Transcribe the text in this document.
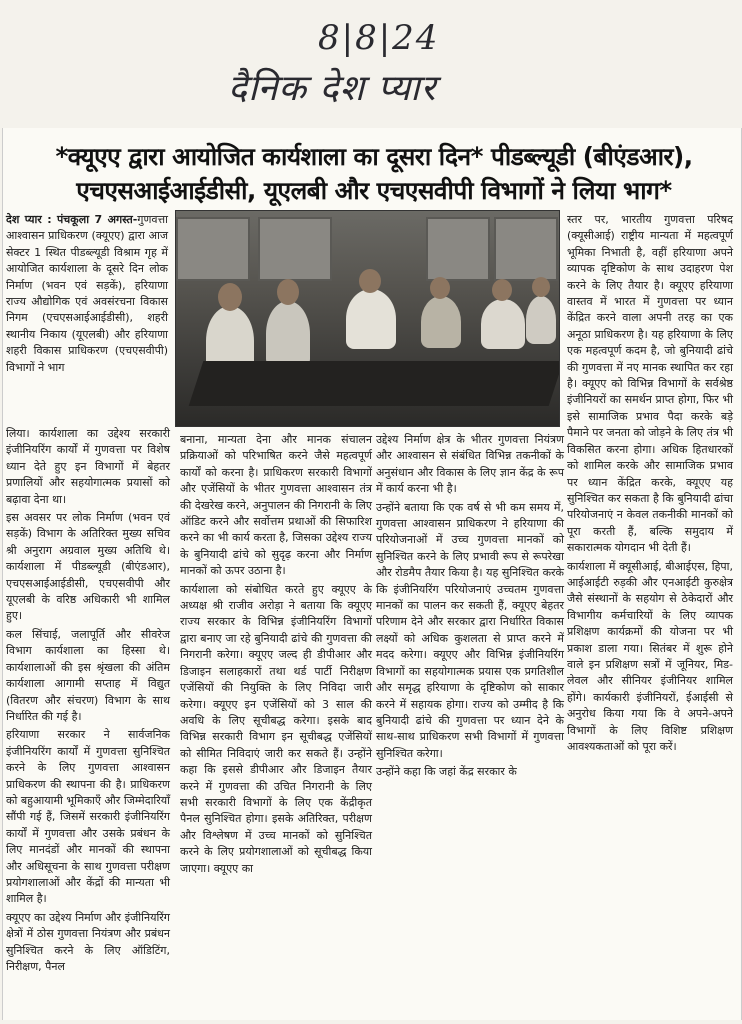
8|8|24
दैनिक देश प्यार
*क्यूएए द्वारा आयोजित कार्यशाला का दूसरा दिन* पीडब्ल्यूडी (बीएंडआर), एचएसआईआईडीसी, यूएलबी और एचएसवीपी विभागों ने लिया भाग*

देश प्यार : पंचकूला 7 अगस्त-गुणवत्ता आश्वासन प्राधिकरण (क्यूएए) द्वारा आज सेक्टर 1 स्थित पीडब्ल्यूडी विश्राम गृह में आयोजित कार्यशाला के दूसरे दिन लोक निर्माण (भवन एवं सड़कें), हरियाणा राज्य औद्योगिक एवं अवसंरचना विकास निगम (एचएसआईआईडीसी), शहरी स्थानीय निकाय (यूएलबी) और हरियाणा शहरी विकास प्राधिकरण (एचएसवीपी) विभागों ने भाग

लिया। कार्यशाला का उद्देश्य सरकारी इंजीनियरिंग कार्यों में गुणवत्ता पर विशेष ध्यान देते हुए इन विभागों में बेहतर प्रणालियों और सहयोगात्मक प्रयासों को बढ़ावा देना था।

इस अवसर पर लोक निर्माण (भवन एवं सड़कें) विभाग के अतिरिक्त मुख्य सचिव श्री अनुराग अग्रवाल मुख्य अतिथि थे। कार्यशाला में पीडब्ल्यूडी (बीएंडआर), एचएसआईआईडीसी, एचएसवीपी और यूएलबी के वरिष्ठ अधिकारी भी शामिल हुए।

कल सिंचाई, जलापूर्ति और सीवरेज विभाग कार्यशाला का हिस्सा थे। कार्यशालाओं की इस श्रृंखला की अंतिम कार्यशाला आगामी सप्ताह में विद्युत (वितरण और संचरण) विभाग के साथ निर्धारित की गई है।

हरियाणा सरकार ने सार्वजनिक इंजीनियरिंग कार्यों में गुणवत्ता सुनिश्चित करने के लिए गुणवत्ता आश्वासन प्राधिकरण की स्थापना की है। प्राधिकरण को बहुआयामी भूमिकाएँ और जिम्मेदारियाँ सौंपी गई हैं, जिसमें सरकारी इंजीनियरिंग कार्यों में गुणवत्ता और उसके प्रबंधन के लिए मानदंडों और मानकों की स्थापना और अधिसूचना के साथ गुणवत्ता परीक्षण प्रयोगशालाओं और केंद्रों की मान्यता भी शामिल है।

क्यूएए का उद्देश्य निर्माण और इंजीनियरिंग क्षेत्रों में ठोस गुणवत्ता नियंत्रण और प्रबंधन सुनिश्चित करने के लिए ऑडिटिंग, निरीक्षण, पैनल

बनाना, मान्यता देना और मानक संचालन प्रक्रियाओं को परिभाषित करने जैसे महत्वपूर्ण कार्यों को करना है। प्राधिकरण सरकारी विभागों और एजेंसियों के भीतर गुणवत्ता आश्वासन तंत्र की देखरेख करने, अनुपालन की निगरानी के लिए ऑडिट करने और सर्वोत्तम प्रथाओं की सिफारिश करने का भी कार्य करता है, जिसका उद्देश्य राज्य के बुनियादी ढांचे को सुदृढ़ करना और निर्माण मानकों को ऊपर उठाना है।

कार्यशाला को संबोधित करते हुए क्यूएए के अध्यक्ष श्री राजीव अरोड़ा ने बताया कि क्यूएए राज्य सरकार के विभिन्न इंजीनियरिंग विभागों द्वारा बनाए जा रहे बुनियादी ढांचे की गुणवत्ता की निगरानी करेगा। क्यूएए जल्द ही डीपीआर और डिजाइन सलाहकारों तथा थर्ड पार्टी निरीक्षण एजेंसियों की नियुक्ति के लिए निविदा जारी करेगा। क्यूएए इन एजेंसियों को 3 साल की अवधि के लिए सूचीबद्ध करेगा। इसके बाद विभिन्न सरकारी विभाग इन सूचीबद्ध एजेंसियों को सीमित निविदाएं जारी कर सकते हैं। उन्होंने कहा कि इससे डीपीआर और डिजाइन तैयार करने में गुणवत्ता की उचित निगरानी के लिए सभी सरकारी विभागों के लिए एक केंद्रीकृत पैनल सुनिश्चित होगा। इसके अतिरिक्त, परीक्षण और विश्लेषण में उच्च मानकों को सुनिश्चित करने के लिए प्रयोगशालाओं को सूचीबद्ध किया जाएगा। क्यूएए का

उद्देश्य निर्माण क्षेत्र के भीतर गुणवत्ता नियंत्रण और आश्वासन से संबंधित विभिन्न तकनीकों के अनुसंधान और विकास के लिए ज्ञान केंद्र के रूप में कार्य करना भी है।

उन्होंने बताया कि एक वर्ष से भी कम समय में, गुणवत्ता आश्वासन प्राधिकरण ने हरियाणा की परियोजनाओं में उच्च गुणवत्ता मानकों को सुनिश्चित करने के लिए प्रभावी रूप से रूपरेखा और रोडमैप तैयार किया है। यह सुनिश्चित करके कि इंजीनियरिंग परियोजनाएं उच्चतम गुणवत्ता मानकों का पालन कर सकती हैं, क्यूएए बेहतर परिणाम देने और सरकार द्वारा निर्धारित विकास लक्ष्यों को अधिक कुशलता से प्राप्त करने में मदद करेगा। क्यूएए और विभिन्न इंजीनियरिंग विभागों का सहयोगात्मक प्रयास एक प्रगतिशील और समृद्ध हरियाणा के दृष्टिकोण को साकार करने में सहायक होगा। राज्य को उम्मीद है कि बुनियादी ढांचे की गुणवत्ता पर ध्यान देने के साथ-साथ प्राधिकरण सभी विभागों में गुणवत्ता सुनिश्चित करेगा।

उन्होंने कहा कि जहां केंद्र सरकार के

स्तर पर, भारतीय गुणवत्ता परिषद (क्यूसीआई) राष्ट्रीय मान्यता में महत्वपूर्ण भूमिका निभाती है, वहीं हरियाणा अपने व्यापक दृष्टिकोण के साथ उदाहरण पेश करने के लिए तैयार है। क्यूएए हरियाणा वास्तव में भारत में गुणवत्ता पर ध्यान केंद्रित करने वाला अपनी तरह का एक अनूठा प्राधिकरण है। यह हरियाणा के लिए एक महत्वपूर्ण कदम है, जो बुनियादी ढांचे की गुणवत्ता में नए मानक स्थापित कर रहा है। क्यूएए को विभिन्न विभागों के सर्वश्रेष्ठ इंजीनियरों का समर्थन प्राप्त होगा, फिर भी इसे सामाजिक प्रभाव पैदा करके बड़े पैमाने पर जनता को जोड़ने के लिए तंत्र भी विकसित करना होगा। अधिक हितधारकों को शामिल करके और सामाजिक प्रभाव पर ध्यान केंद्रित करके, क्यूएए यह सुनिश्चित कर सकता है कि बुनियादी ढांचा परियोजनाएं न केवल तकनीकी मानकों को पूरा करती हैं, बल्कि समुदाय में सकारात्मक योगदान भी देती हैं।

कार्यशाला में क्यूसीआई, बीआईएस, हिपा, आईआईटी रुड़की और एनआईटी कुरुक्षेत्र जैसे संस्थानों के सहयोग से ठेकेदारों और विभागीय कर्मचारियों के लिए व्यापक प्रशिक्षण कार्यक्रमों की योजना पर भी प्रकाश डाला गया। सितंबर में शुरू होने वाले इन प्रशिक्षण सत्रों में जूनियर, मिड-लेवल और सीनियर इंजीनियर शामिल होंगे। कार्यकारी इंजीनियरों, ईआईसी से अनुरोध किया गया कि वे अपने-अपने विभागों के लिए विशिष्ट प्रशिक्षण आवश्यकताओं को पूरा करें।
